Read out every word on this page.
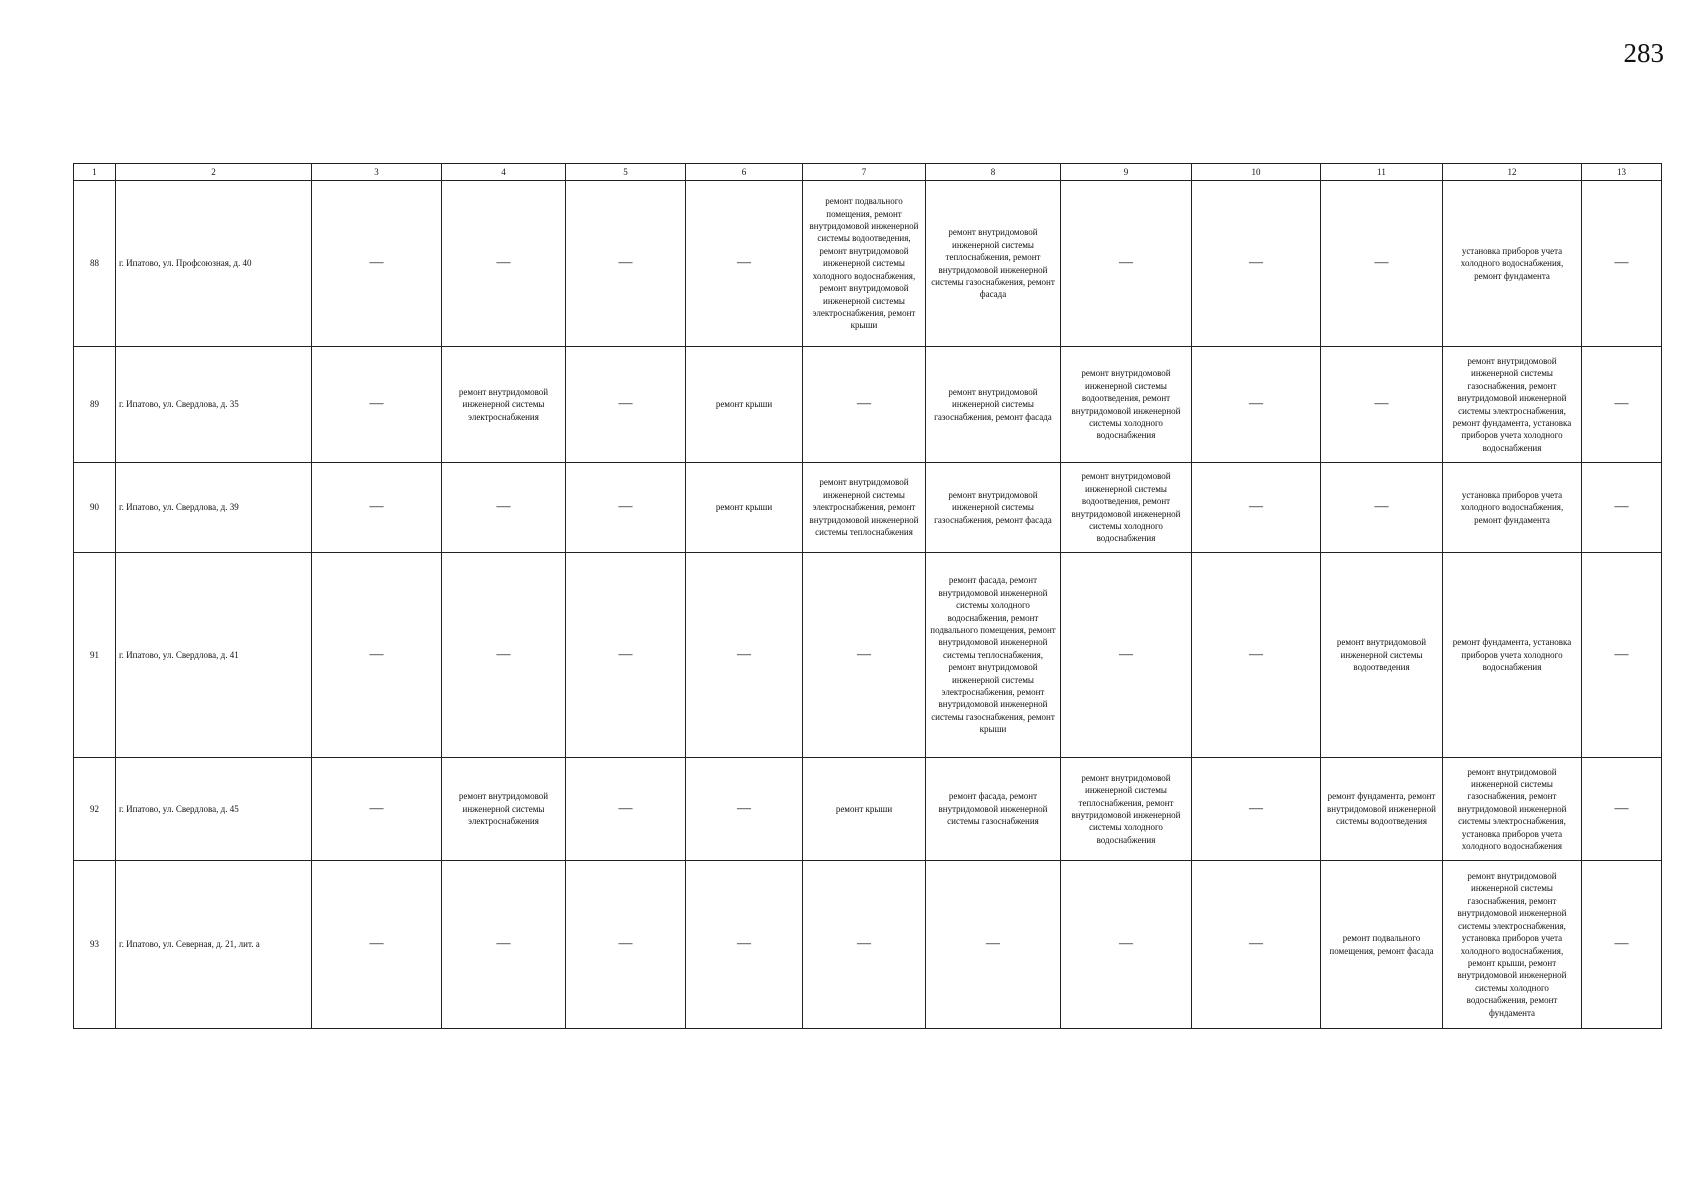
283
1	2	3	4	5	6	7	8	9	10	11	12	13
88	г. Ипатово, ул. Профсоюзная, д. 40	—	—	—	—	ремонт подвального помещения, ремонт внутридомовой инженерной системы водоотведения, ремонт внутридомовой инженерной системы холодного водоснабжения, ремонт внутридомовой инженерной системы электроснабжения, ремонт крыши	ремонт внутридомовой инженерной системы теплоснабжения, ремонт внутридомовой инженерной системы газоснабжения, ремонт фасада	—	—	—	установка приборов учета холодного водоснабжения, ремонт фундамента	—
89	г. Ипатово, ул. Свердлова, д. 35	—	ремонт внутридомовой инженерной системы электроснабжения	—	ремонт крыши	—	ремонт внутридомовой инженерной системы газоснабжения, ремонт фасада	ремонт внутридомовой инженерной системы водоотведения, ремонт внутридомовой инженерной системы холодного водоснабжения	—	—	ремонт внутридомовой инженерной системы газоснабжения, ремонт внутридомовой инженерной системы электроснабжения, ремонт фундамента, установка приборов учета холодного водоснабжения	—
90	г. Ипатово, ул. Свердлова, д. 39	—	—	—	ремонт крыши	ремонт внутридомовой инженерной системы электроснабжения, ремонт внутридомовой инженерной системы теплоснабжения	ремонт внутридомовой инженерной системы газоснабжения, ремонт фасада	ремонт внутридомовой инженерной системы водоотведения, ремонт внутридомовой инженерной системы холодного водоснабжения	—	—	установка приборов учета холодного водоснабжения, ремонт фундамента	—
91	г. Ипатово, ул. Свердлова, д. 41	—	—	—	—	—	ремонт фасада, ремонт внутридомовой инженерной системы холодного водоснабжения, ремонт подвального помещения, ремонт внутридомовой инженерной системы теплоснабжения, ремонт внутридомовой инженерной системы электроснабжения, ремонт внутридомовой инженерной системы газоснабжения, ремонт крыши	—	—	ремонт внутридомовой инженерной системы водоотведения	ремонт фундамента, установка приборов учета холодного водоснабжения	—
92	г. Ипатово, ул. Свердлова, д. 45	—	ремонт внутридомовой инженерной системы электроснабжения	—	—	ремонт крыши	ремонт фасада, ремонт внутридомовой инженерной системы газоснабжения	ремонт внутридомовой инженерной системы теплоснабжения, ремонт внутридомовой инженерной системы холодного водоснабжения	—	ремонт фундамента, ремонт внутридомовой инженерной системы водоотведения	ремонт внутридомовой инженерной системы газоснабжения, ремонт внутридомовой инженерной системы электроснабжения, установка приборов учета холодного водоснабжения	—
93	г. Ипатово, ул. Северная, д. 21, лит. а	—	—	—	—	—	—	—	—	ремонт подвального помещения, ремонт фасада	ремонт внутридомовой инженерной системы газоснабжения, ремонт внутридомовой инженерной системы электроснабжения, установка приборов учета холодного водоснабжения, ремонт крыши, ремонт внутридомовой инженерной системы холодного водоснабжения, ремонт фундамента	—
